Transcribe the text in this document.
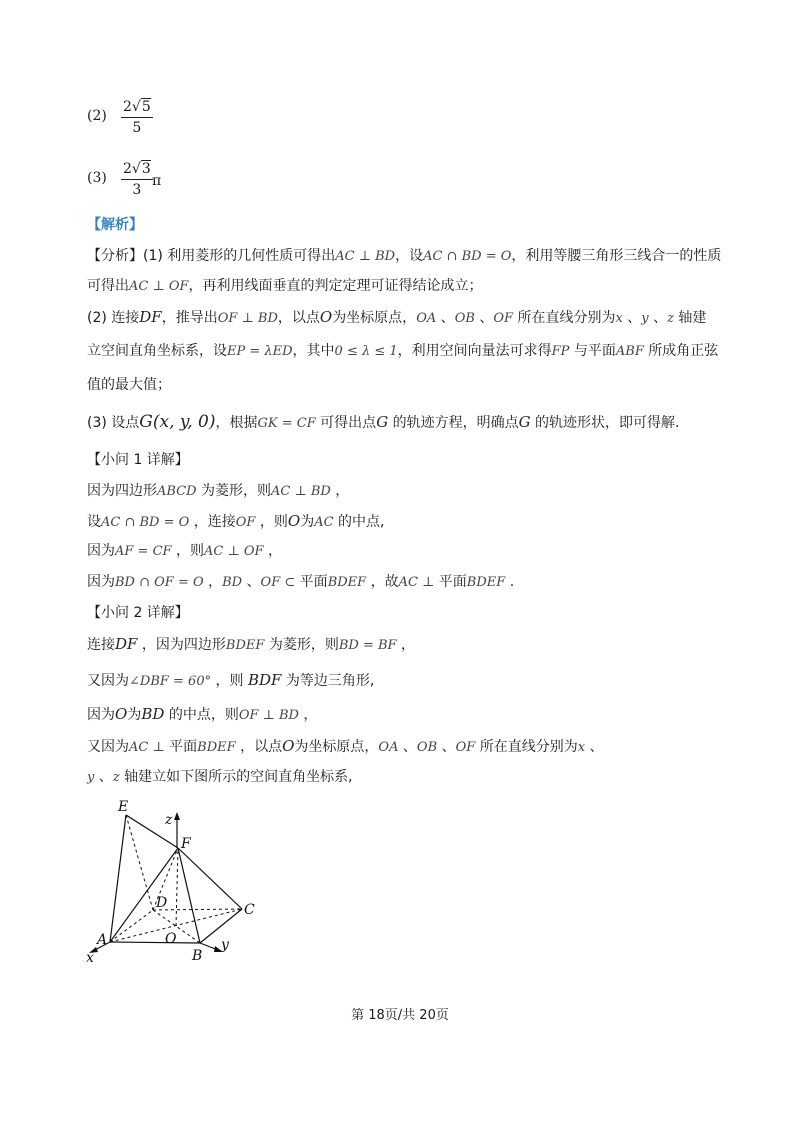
$(2) \frac{2√5}{5}$
$(3) \frac{2√3}{3}$ π
【解析】
【分析】(1) 利用菱形的几何性质可得出AC ⊥ BD，设AC ∩ BD = O，利用等腰三角形三线合一的性质
可得出AC ⊥ OF，再利用线面垂直的判定定理可证得结论成立；
(2) 连接DF，推导出OF ⊥ BD，以点O为坐标原点，OA 、OB 、OF 所在直线分别为x 、y 、z 轴建
立空间直角坐标系，设EP = λED，其中0 ≤ λ ≤ 1，利用空间向量法可求得FP 与平面ABF 所成角正弦
值的最大值；
(3) 设点G(x, y, 0)，根据GK = CF 可得出点G 的轨迹方程，明确点G 的轨迹形状，即可得解.
【小问 1 详解】
因为四边形ABCD 为菱形，则AC ⊥ BD ，
设AC ∩ BD = O ，连接OF ，则O为AC 的中点,
因为AF = CF ，则AC ⊥ OF ，
因为BD ∩ OF = O ，BD 、OF ⊂ 平面BDEF ，故AC ⊥ 平面BDEF .
【小问 2 详解】
连接DF ，因为四边形BDEF 为菱形，则BD = BF ，
又因为∠DBF = 60° ，则 BDF 为等边三角形,
因为O为BD 的中点，则OF ⊥ BD ，
又因为AC ⊥ 平面BDEF ，以点O为坐标原点，OA 、OB 、OF 所在直线分别为x 、
y 、z 轴建立如下图所示的空间直角坐标系,
E
F
z
D	C
A	O
B
x
y
第 18页/共 20页
